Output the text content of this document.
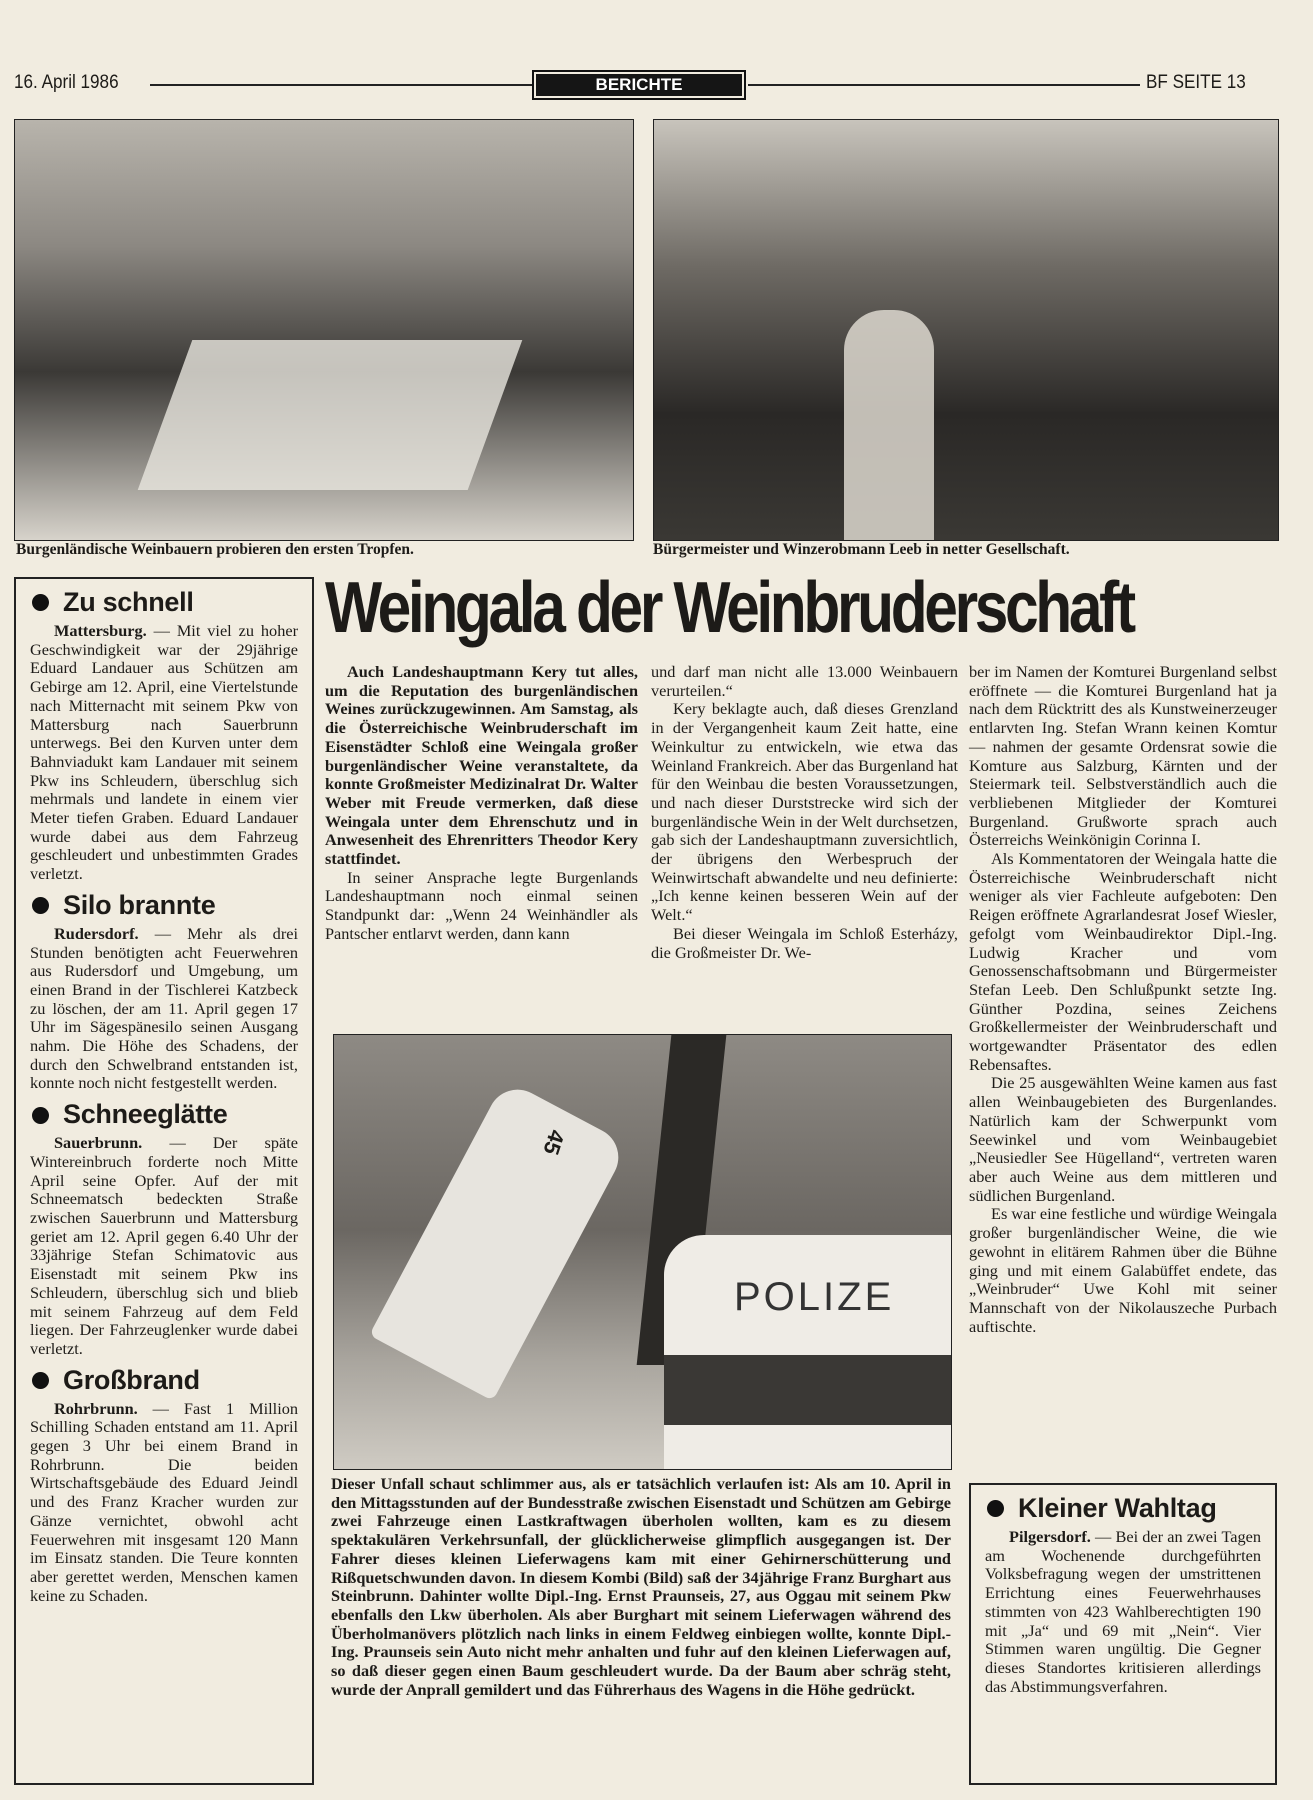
16. April 1986	BERICHTE	BF SEITE 13
Burgenländische Weinbauern probieren den ersten Tropfen.	Bürgermeister und Winzerobmann Leeb in netter Gesellschaft.
Zu schnell

Mattersburg. — Mit viel zu hoher Geschwindigkeit war der 29jährige Eduard Landauer aus Schützen am Gebirge am 12. April, eine Viertelstunde nach Mitternacht mit seinem Pkw von Mattersburg nach Sauerbrunn unterwegs. Bei den Kurven unter dem Bahnviadukt kam Landauer mit seinem Pkw ins Schleudern, überschlug sich mehrmals und landete in einem vier Meter tiefen Graben. Eduard Landauer wurde dabei aus dem Fahrzeug geschleudert und unbestimmten Grades verletzt.

Silo brannte

Rudersdorf. — Mehr als drei Stunden benötigten acht Feuerwehren aus Rudersdorf und Umgebung, um einen Brand in der Tischlerei Katzbeck zu löschen, der am 11. April gegen 17 Uhr im Sägespänesilo seinen Ausgang nahm. Die Höhe des Schadens, der durch den Schwelbrand entstanden ist, konnte noch nicht festgestellt werden.

Schneeglätte

Sauerbrunn. — Der späte Wintereinbruch forderte noch Mitte April seine Opfer. Auf der mit Schneematsch bedeckten Straße zwischen Sauerbrunn und Mattersburg geriet am 12. April gegen 6.40 Uhr der 33jährige Stefan Schimatovic aus Eisenstadt mit seinem Pkw ins Schleudern, überschlug sich und blieb mit seinem Fahrzeug auf dem Feld liegen. Der Fahrzeuglenker wurde dabei verletzt.

Großbrand

Rohrbrunn. — Fast 1 Million Schilling Schaden entstand am 11. April gegen 3 Uhr bei einem Brand in Rohrbrunn. Die beiden Wirtschaftsgebäude des Eduard Jeindl und des Franz Kracher wurden zur Gänze vernichtet, obwohl acht Feuerwehren mit insgesamt 120 Mann im Einsatz standen. Die Teure konnten aber gerettet werden, Menschen kamen keine zu Schaden.

Weingala der Weinbruderschaft

Auch Landeshauptmann Kery tut alles, um die Reputation des burgenländischen Weines zurückzugewinnen. Am Samstag, als die Österreichische Weinbruderschaft im Eisenstädter Schloß eine Weingala großer burgenländischer Weine veranstaltete, da konnte Großmeister Medizinalrat Dr. Walter Weber mit Freude vermerken, daß diese Weingala unter dem Ehrenschutz und in Anwesenheit des Ehrenritters Theodor Kery stattfindet.

In seiner Ansprache legte Burgenlands Landeshauptmann noch einmal seinen Standpunkt dar: „Wenn 24 Weinhändler als Pantscher entlarvt werden, dann kann

und darf man nicht alle 13.000 Weinbauern verurteilen.“

Kery beklagte auch, daß dieses Grenzland in der Vergangenheit kaum Zeit hatte, eine Weinkultur zu entwickeln, wie etwa das Weinland Frankreich. Aber das Burgenland hat für den Weinbau die besten Voraussetzungen, und nach dieser Durststrecke wird sich der burgenländische Wein in der Welt durchsetzen, gab sich der Landeshauptmann zuversichtlich, der übrigens den Werbespruch der Weinwirtschaft abwandelte und neu definierte: „Ich kenne keinen besseren Wein auf der Welt.“

Bei dieser Weingala im Schloß Esterházy, die Großmeister Dr. We-

ber im Namen der Komturei Burgenland selbst eröffnete — die Komturei Burgenland hat ja nach dem Rücktritt des als Kunstweinerzeuger entlarvten Ing. Stefan Wrann keinen Komtur — nahmen der gesamte Ordensrat sowie die Komture aus Salzburg, Kärnten und der Steiermark teil. Selbstverständlich auch die verbliebenen Mitglieder der Komturei Burgenland. Grußworte sprach auch Österreichs Weinkönigin Corinna I.

Als Kommentatoren der Weingala hatte die Österreichische Weinbruderschaft nicht weniger als vier Fachleute aufgeboten: Den Reigen eröffnete Agrarlandesrat Josef Wiesler, gefolgt vom Weinbaudirektor Dipl.-Ing. Ludwig Kracher und vom Genossenschaftsobmann und Bürgermeister Stefan Leeb. Den Schlußpunkt setzte Ing. Günther Pozdina, seines Zeichens Großkellermeister der Weinbruderschaft und wortgewandter Präsentator des edlen Rebensaftes.

Die 25 ausgewählten Weine kamen aus fast allen Weinbaugebieten des Burgenlandes. Natürlich kam der Schwerpunkt vom Seewinkel und vom Weinbaugebiet „Neusiedler See Hügelland“, vertreten waren aber auch Weine aus dem mittleren und südlichen Burgenland.

Es war eine festliche und würdige Weingala großer burgenländischer Weine, die wie gewohnt in elitärem Rahmen über die Bühne ging und mit einem Galabüffet endete, das „Weinbruder“ Uwe Kohl mit seiner Mannschaft von der Nikolauszeche Purbach auftischte.

45
POLIZE
Dieser Unfall schaut schlimmer aus, als er tatsächlich verlaufen ist: Als am 10. April in den Mittagsstunden auf der Bundesstraße zwischen Eisenstadt und Schützen am Gebirge zwei Fahrzeuge einen Lastkraftwagen überholen wollten, kam es zu diesem spektakulären Verkehrsunfall, der glücklicherweise glimpflich ausgegangen ist. Der Fahrer dieses kleinen Lieferwagens kam mit einer Gehirnerschütterung und Rißquetschwunden davon. In diesem Kombi (Bild) saß der 34jährige Franz Burghart aus Steinbrunn. Dahinter wollte Dipl.-Ing. Ernst Praunseis, 27, aus Oggau mit seinem Pkw ebenfalls den Lkw überholen. Als aber Burghart mit seinem Lieferwagen während des Überholmanövers plötzlich nach links in einem Feldweg einbiegen wollte, konnte Dipl.-Ing. Praunseis sein Auto nicht mehr anhalten und fuhr auf den kleinen Lieferwagen auf, so daß dieser gegen einen Baum geschleudert wurde. Da der Baum aber schräg steht, wurde der Anprall gemildert und das Führerhaus des Wagens in die Höhe gedrückt.
Kleiner Wahltag

Pilgersdorf. — Bei der an zwei Tagen am Wochenende durchgeführten Volksbefragung wegen der umstrittenen Errichtung eines Feuerwehrhauses stimmten von 423 Wahlberechtigten 190 mit „Ja“ und 69 mit „Nein“. Vier Stimmen waren ungültig. Die Gegner dieses Standortes kritisieren allerdings das Abstimmungsverfahren.
